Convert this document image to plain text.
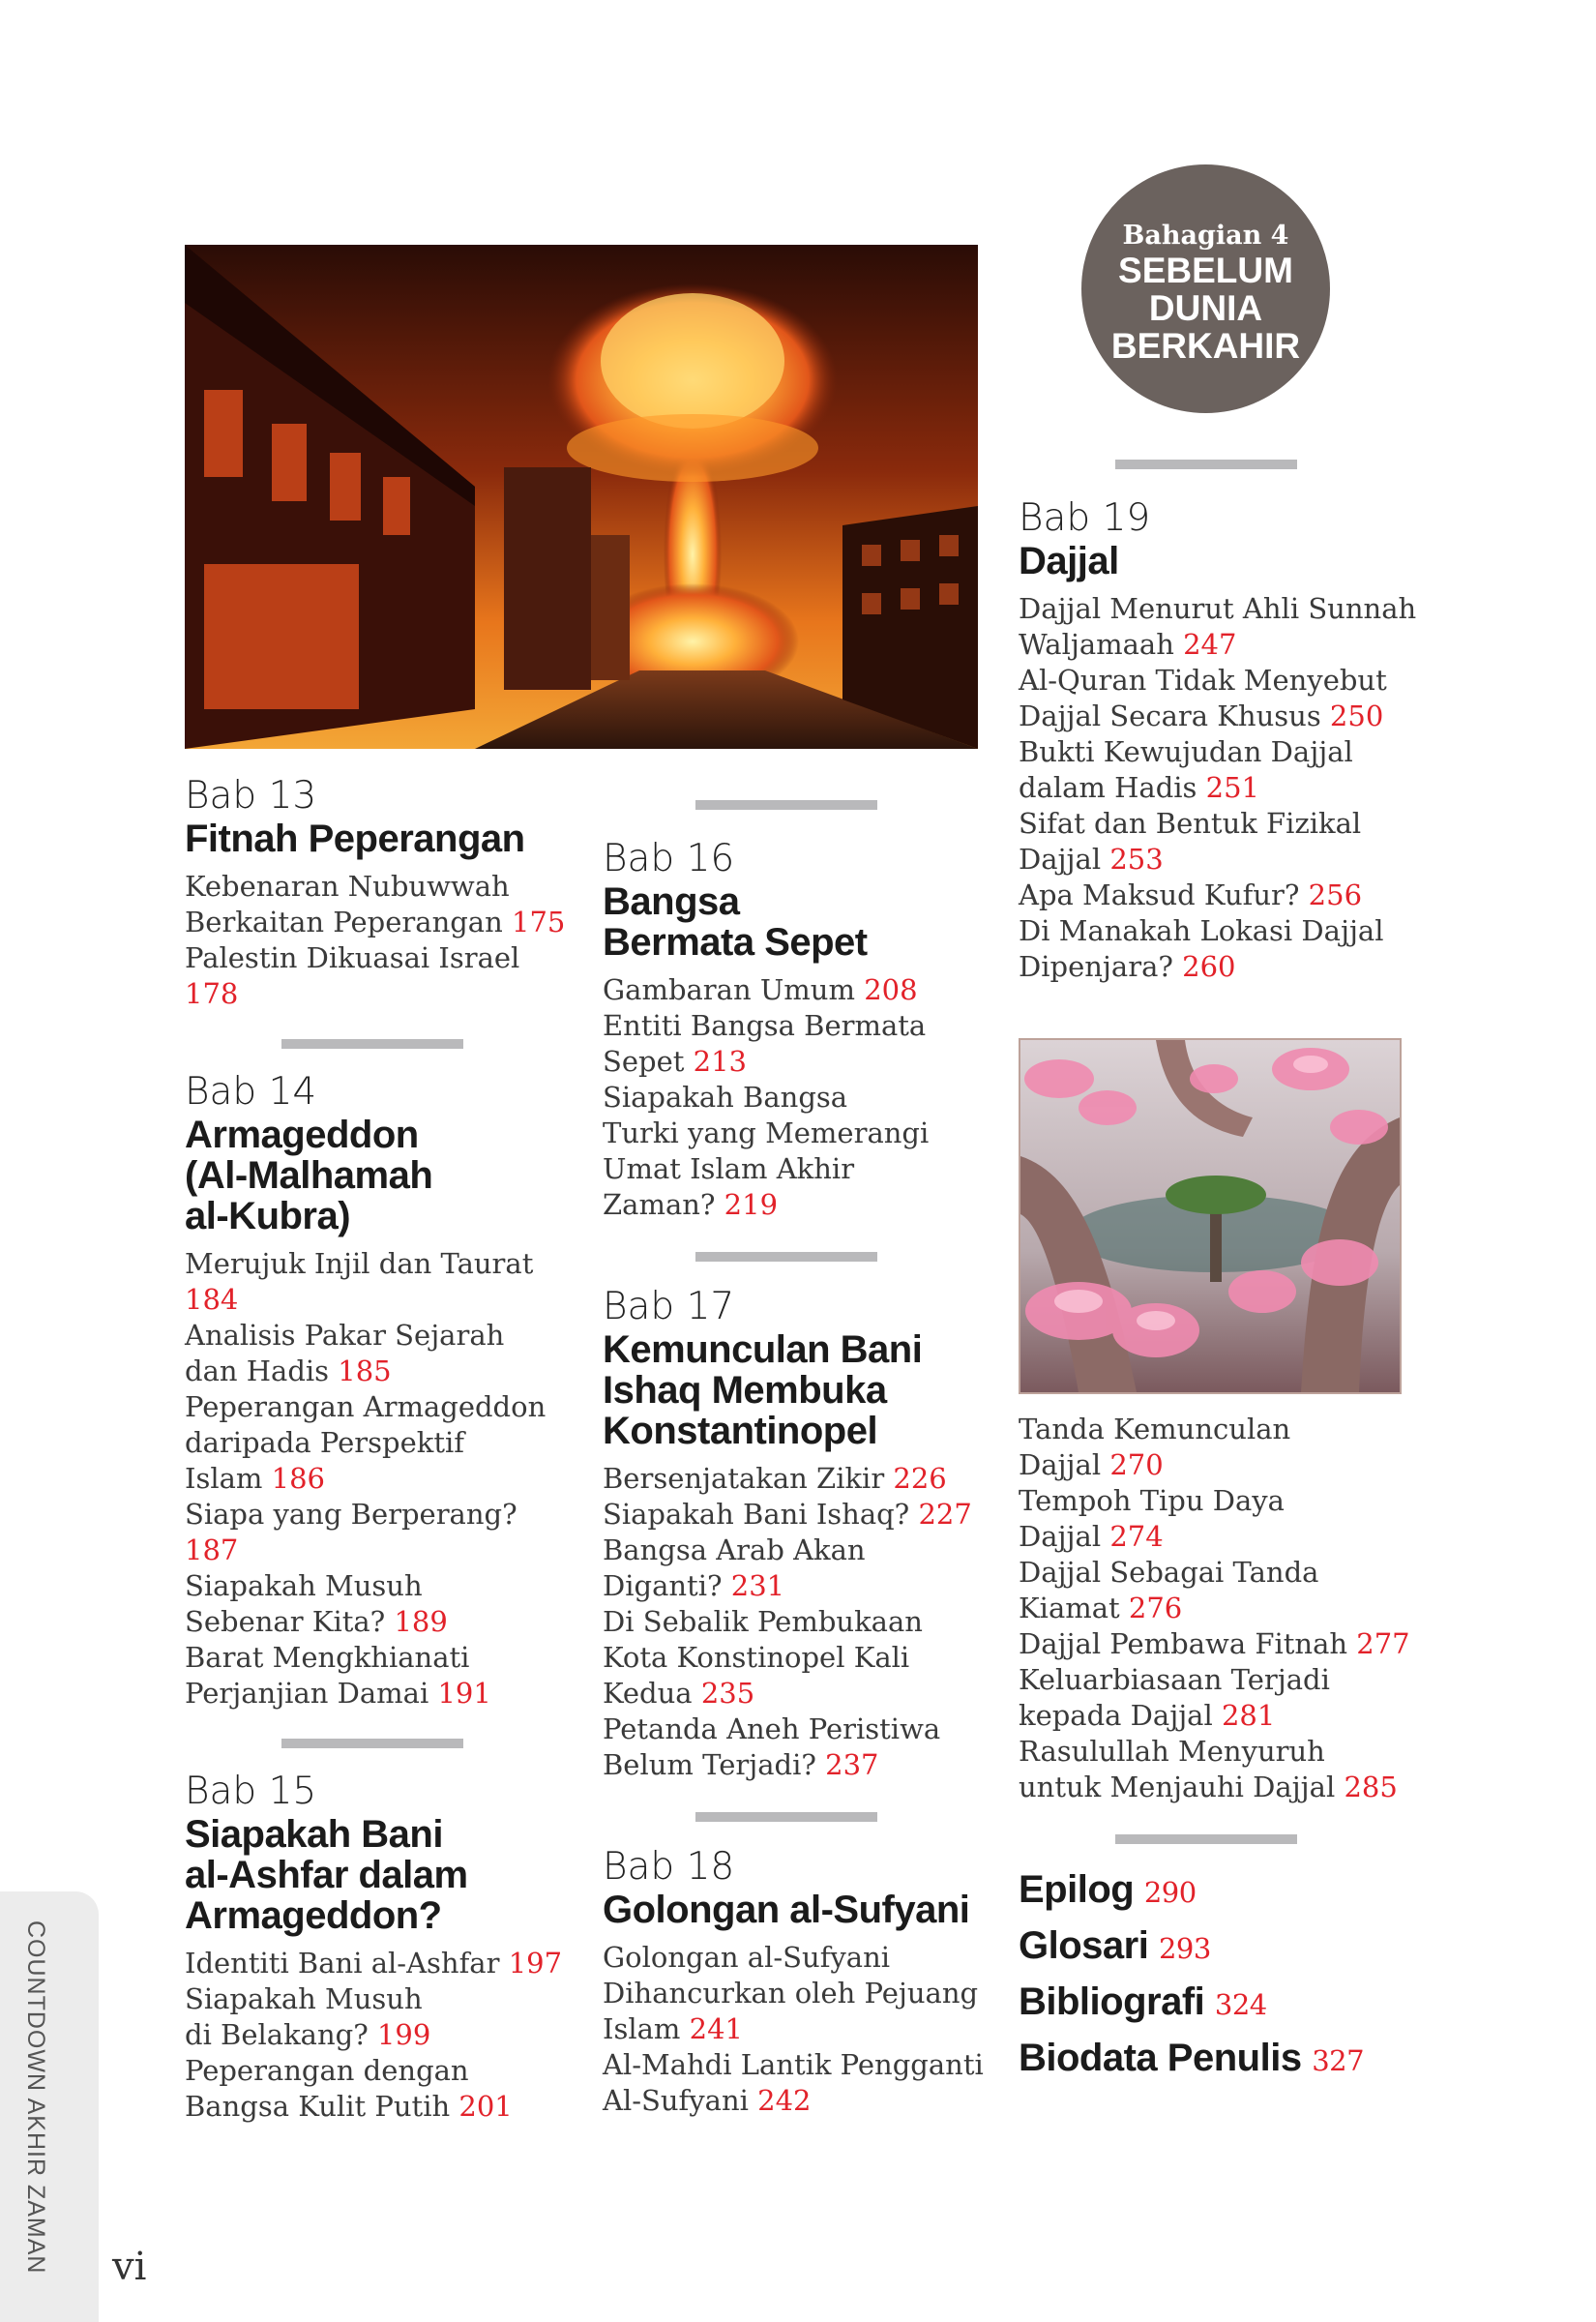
Bahagian 4
SEBELUM
DUNIA
BERKAHIR

Bab 13

Fitnah Peperangan

Kebenaran Nubuwwah
Berkaitan Peperangan 175

Palestin Dikuasai Israel 178

Bab 14

Armageddon
(Al-Malhamah
al-Kubra)

Merujuk Injil dan Taurat 184

Analisis Pakar Sejarah
dan Hadis 185

Peperangan Armageddon
daripada Perspektif
Islam 186

Siapa yang Berperang? 187

Siapakah Musuh
Sebenar Kita? 189

Barat Mengkhianati
Perjanjian Damai 191

Bab 15

Siapakah Bani
al-Ashfar dalam
Armageddon?

Identiti Bani al-Ashfar 197

Siapakah Musuh
di Belakang? 199

Peperangan dengan
Bangsa Kulit Putih 201

Bab 16

Bangsa
Bermata Sepet

Gambaran Umum 208

Entiti Bangsa Bermata
Sepet 213

Siapakah Bangsa
Turki yang Memerangi
Umat Islam Akhir
Zaman? 219

Bab 17

Kemunculan Bani
Ishaq Membuka
Konstantinopel

Bersenjatakan Zikir 226

Siapakah Bani Ishaq? 227

Bangsa Arab Akan
Diganti? 231

Di Sebalik Pembukaan
Kota Konstinopel Kali
Kedua 235

Petanda Aneh Peristiwa
Belum Terjadi? 237

Bab 18

Golongan al-Sufyani

Golongan al-Sufyani
Dihancurkan oleh Pejuang
Islam 241

Al-Mahdi Lantik Pengganti
Al-Sufyani 242

Bab 19

Dajjal

Dajjal Menurut Ahli Sunnah
Waljamaah 247

Al-Quran Tidak Menyebut
Dajjal Secara Khusus 250

Bukti Kewujudan Dajjal
dalam Hadis 251

Sifat dan Bentuk Fizikal
Dajjal 253

Apa Maksud Kufur? 256

Di Manakah Lokasi Dajjal
Dipenjara? 260

Tanda Kemunculan
Dajjal 270

Tempoh Tipu Daya
Dajjal 274

Dajjal Sebagai Tanda
Kiamat 276

Dajjal Pembawa Fitnah 277

Keluarbiasaan Terjadi
kepada Dajjal 281

Rasulullah Menyuruh
untuk Menjauhi Dajjal 285

Epilog 290

Glosari 293

Bibliografi 324

Biodata Penulis 327

COUNTDOWN AKHIR ZAMAN vi
